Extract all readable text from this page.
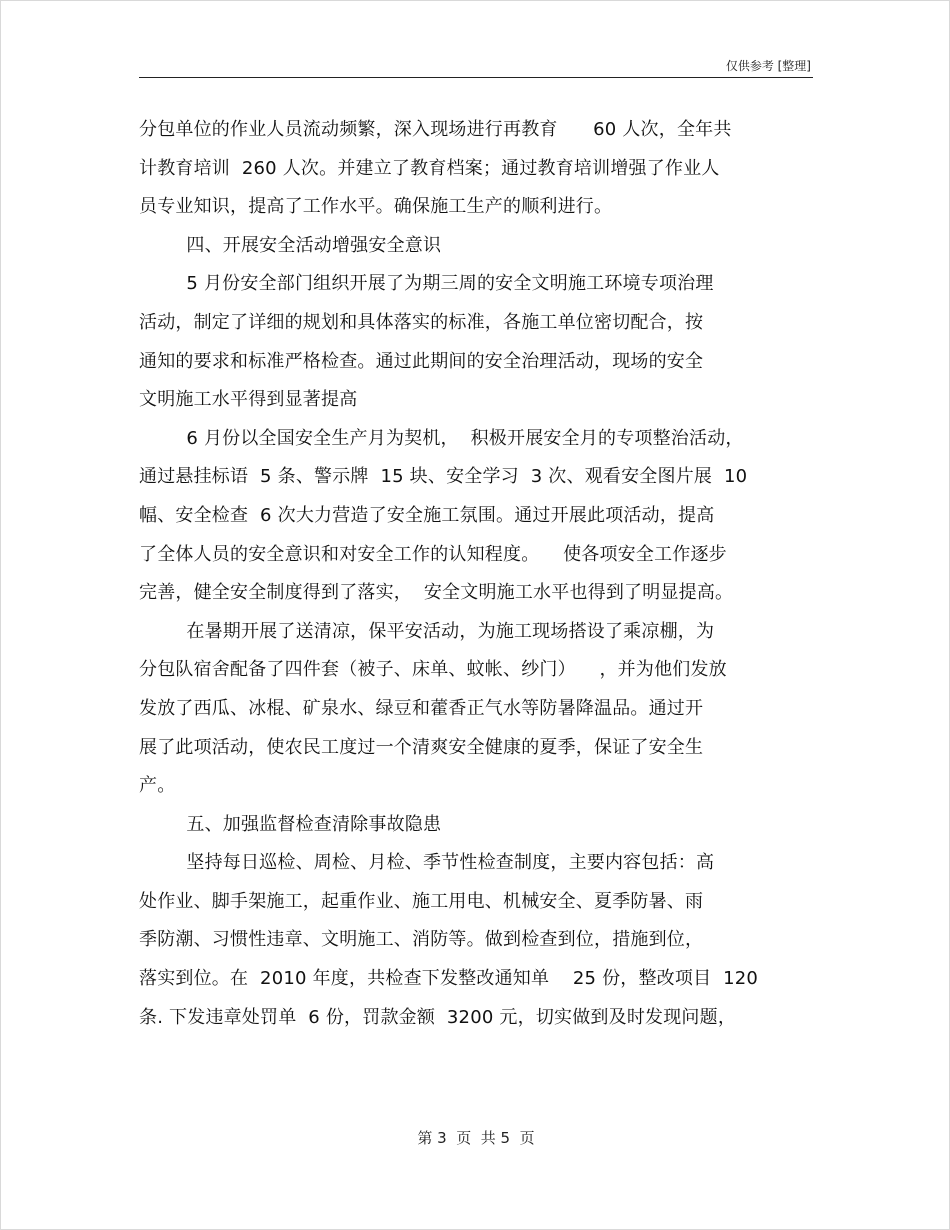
仅供参考 [整理]
分包单位的作业人员流动频繁，深入现场进行再教育      60 人次，全年共
计教育培训  260 人次。并建立了教育档案；通过教育培训增强了作业人
员专业知识，提高了工作水平。确保施工生产的顺利进行。
四、开展安全活动增强安全意识
5 月份安全部门组织开展了为期三周的安全文明施工环境专项治理
活动，制定了详细的规划和具体落实的标准，各施工单位密切配合，按
通知的要求和标准严格检查。通过此期间的安全治理活动，现场的安全
文明施工水平得到显著提高
6 月份以全国安全生产月为契机，  积极开展安全月的专项整治活动，
通过悬挂标语  5 条、警示牌  15 块、安全学习  3 次、观看安全图片展  10
幅、安全检查  6 次大力营造了安全施工氛围。通过开展此项活动，提高
了全体人员的安全意识和对安全工作的认知程度。    使各项安全工作逐步
完善，健全安全制度得到了落实，  安全文明施工水平也得到了明显提高。
在暑期开展了送清凉，保平安活动，为施工现场搭设了乘凉棚，为
分包队宿舍配备了四件套（被子、床单、蚊帐、纱门）    ，并为他们发放
发放了西瓜、冰棍、矿泉水、绿豆和藿香正气水等防暑降温品。通过开
展了此项活动，使农民工度过一个清爽安全健康的夏季，保证了安全生
产。
五、加强监督检查清除事故隐患
坚持每日巡检、周检、月检、季节性检查制度，主要内容包括：高
处作业、脚手架施工，起重作业、施工用电、机械安全、夏季防暑、雨
季防潮、习惯性违章、文明施工、消防等。做到检查到位，措施到位，
落实到位。在  2010 年度，共检查下发整改通知单    25 份，整改项目  120
条. 下发违章处罚单  6 份，罚款金额  3200 元，切实做到及时发现问题，
第 3  页  共 5  页
